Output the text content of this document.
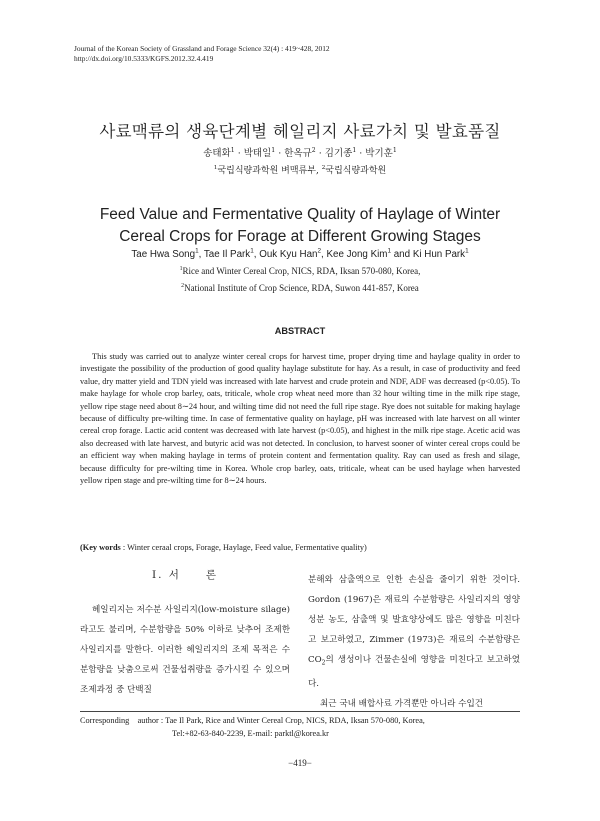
Journal of the Korean Society of Grassland and Forage Science 32(4) : 419~428, 2012
http://dx.doi.org/10.5333/KGFS.2012.32.4.419
사료맥류의 생육단계별 헤일리지 사료가치 및 발효품질
송태화$^1$ · 박태일$^1$ · 한옥규$^2$ · 김기종$^1$ · 박기훈$^1$
$^1$국립식량과학원 벼맥류부, $^2$국립식량과학원
Feed Value and Fermentative Quality of Haylage of Winter
Cereal Crops for Forage at Different Growing Stages
Tae Hwa Song$^1$, Tae Il Park$^1$, Ouk Kyu Han$^2$, Kee Jong Kim$^1$ and Ki Hun Park$^1$
$^1$Rice and Winter Cereal Crop, NICS, RDA, Iksan 570-080, Korea,
$^2$National Institute of Crop Science, RDA, Suwon 441-857, Korea
ABSTRACT
This study was carried out to analyze winter cereal crops for harvest time, proper drying time and haylage quality in order to investigate the possibility of the production of good quality haylage substitute for hay. As a result, in case of productivity and feed value, dry matter yield and TDN yield was increased with late harvest and crude protein and NDF, ADF was decreased (p<0.05). To make haylage for whole crop barley, oats, triticale, whole crop wheat need more than 32 hour wilting time in the milk ripe stage, yellow ripe stage need about 8∼24 hour, and wilting time did not need the full ripe stage. Rye does not suitable for making haylage because of difficulty pre-wilting time. In case of fermentative quality on haylage, pH was increased with late harvest on all winter cereal crop forage. Lactic acid content was decreased with late harvest (p<0.05), and highest in the milk ripe stage. Acetic acid was also decreased with late harvest, and butyric acid was not detected. In conclusion, to harvest sooner of winter cereal crops could be an efficient way when making haylage in terms of protein content and fermentation quality. Ray can used as fresh and silage, because difficulty for pre-wilting time in Korea. Whole crop barley, oats, triticale, wheat can be used haylage when harvested yellow ripen stage and pre-wilting time for 8∼24 hours.
(Key words : Winter ceraal crops, Forage, Haylage, Feed value, Fermentative quality)
Ⅰ. 서　　론
헤일리지는 저수분 사일리지(low-moisture silage)라고도 불리며, 수분함량을 50% 이하로 낮추어 조제한 사일리지를 말한다. 이러한 헤일리지의 조제 목적은 수분함량을 낮춤으로써 건물섭취량을 증가시킬 수 있으며 조제과정 중 단백질
분해와 삼출액으로 인한 손실을 줄이기 위한 것이다. Gordon (1967)은 재료의 수분함량은 사일리지의 영양성분 농도, 삼출액 및 발효양상에도 많은 영향을 미친다고 보고하였고, Zimmer (1973)은 재료의 수분함량은 $CO_2$의 생성이나 건물손실에 영향을 미친다고 보고하였다.
최근 국내 배합사료 가격뿐만 아니라 수입건
Corresponding　author : Tae Il Park, Rice and Winter Cereal Crop, NICS, RDA, Iksan 570-080, Korea,
Tel:+82-63-840-2239, E-mail: parktl@korea.kr
−419−
